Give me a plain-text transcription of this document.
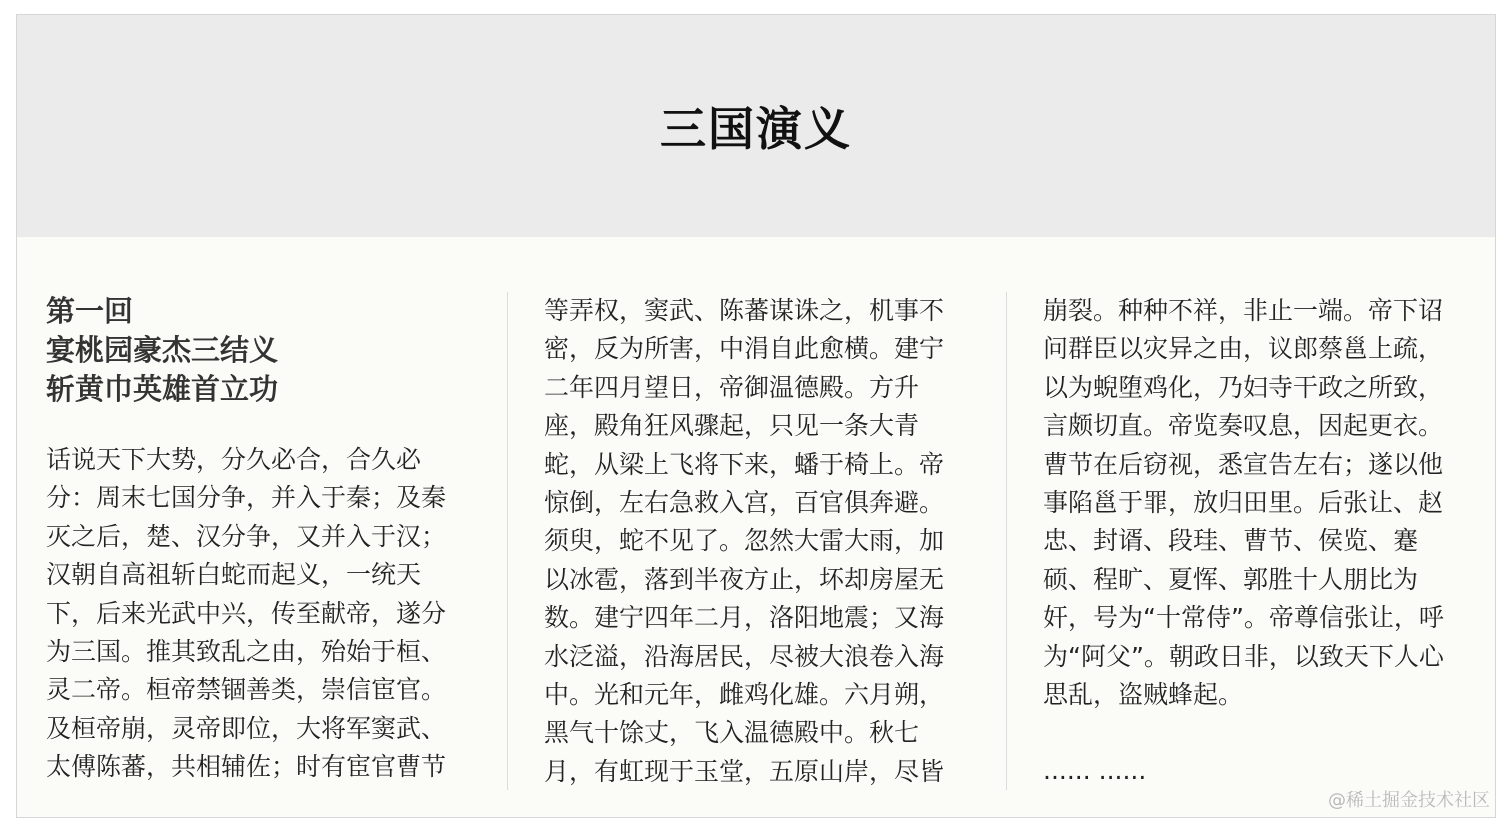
三国演义
第一回
宴桃园豪杰三结义
斩黄巾英雄首立功
话说天下大势，分久必合，合久必
分：周末七国分争，并入于秦；及秦
灭之后，楚、汉分争，又并入于汉；
汉朝自高祖斩白蛇而起义，一统天
下，后来光武中兴，传至献帝，遂分
为三国。推其致乱之由，殆始于桓、
灵二帝。桓帝禁锢善类，崇信宦官。
及桓帝崩，灵帝即位，大将军窦武、
太傅陈蕃，共相辅佐；时有宦官曹节
等弄权，窦武、陈蕃谋诛之，机事不
密，反为所害，中涓自此愈横。建宁
二年四月望日，帝御温德殿。方升
座，殿角狂风骤起，只见一条大青
蛇，从梁上飞将下来，蟠于椅上。帝
惊倒，左右急救入宫，百官俱奔避。
须臾，蛇不见了。忽然大雷大雨，加
以冰雹，落到半夜方止，坏却房屋无
数。建宁四年二月，洛阳地震；又海
水泛溢，沿海居民，尽被大浪卷入海
中。光和元年，雌鸡化雄。六月朔，
黑气十馀丈，飞入温德殿中。秋七
月，有虹现于玉堂，五原山岸，尽皆
崩裂。种种不祥，非止一端。帝下诏
问群臣以灾异之由，议郎蔡邕上疏，
以为蜺堕鸡化，乃妇寺干政之所致，
言颇切直。帝览奏叹息，因起更衣。
曹节在后窃视，悉宣告左右；遂以他
事陷邕于罪，放归田里。后张让、赵
忠、封谞、段珪、曹节、侯览、蹇
硕、程旷、夏恽、郭胜十人朋比为
奸，号为“十常侍”。帝尊信张让，呼
为“阿父”。朝政日非，以致天下人心
思乱，盗贼蜂起。
...... ......
@稀土掘金技术社区
